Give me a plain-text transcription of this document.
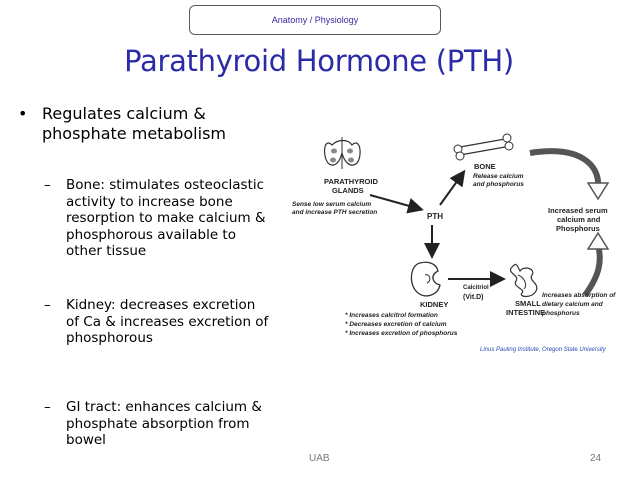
Anatomy / Physiology
Parathyroid Hormone (PTH)
• Regulates calcium & phosphate metabolism
– Bone: stimulates osteoclastic activity to increase bone resorption to make calcium & phosphorous available to other tissue
– Kidney: decreases excretion of Ca & increases excretion of phosphorous
– GI tract: enhances calcium & phosphate absorption from bowel
PARATHYROID
GLANDS
Sense low serum calcium
and increase PTH secretion	PTH
BONE
Release calcium
and phosphorus
Increased serum
calcium and
Phosphorus
KIDNEY
Calcitriol
(Vit.D)
SMALL
INTESTINE
* Increases calcitrol formation
* Decreases excretion of calcium
* Increases excretion of phosphorus
Increases absorption of
dietary calcium and
phosphorus
Linus Pauling Institute, Oregon State University
UAB	24
